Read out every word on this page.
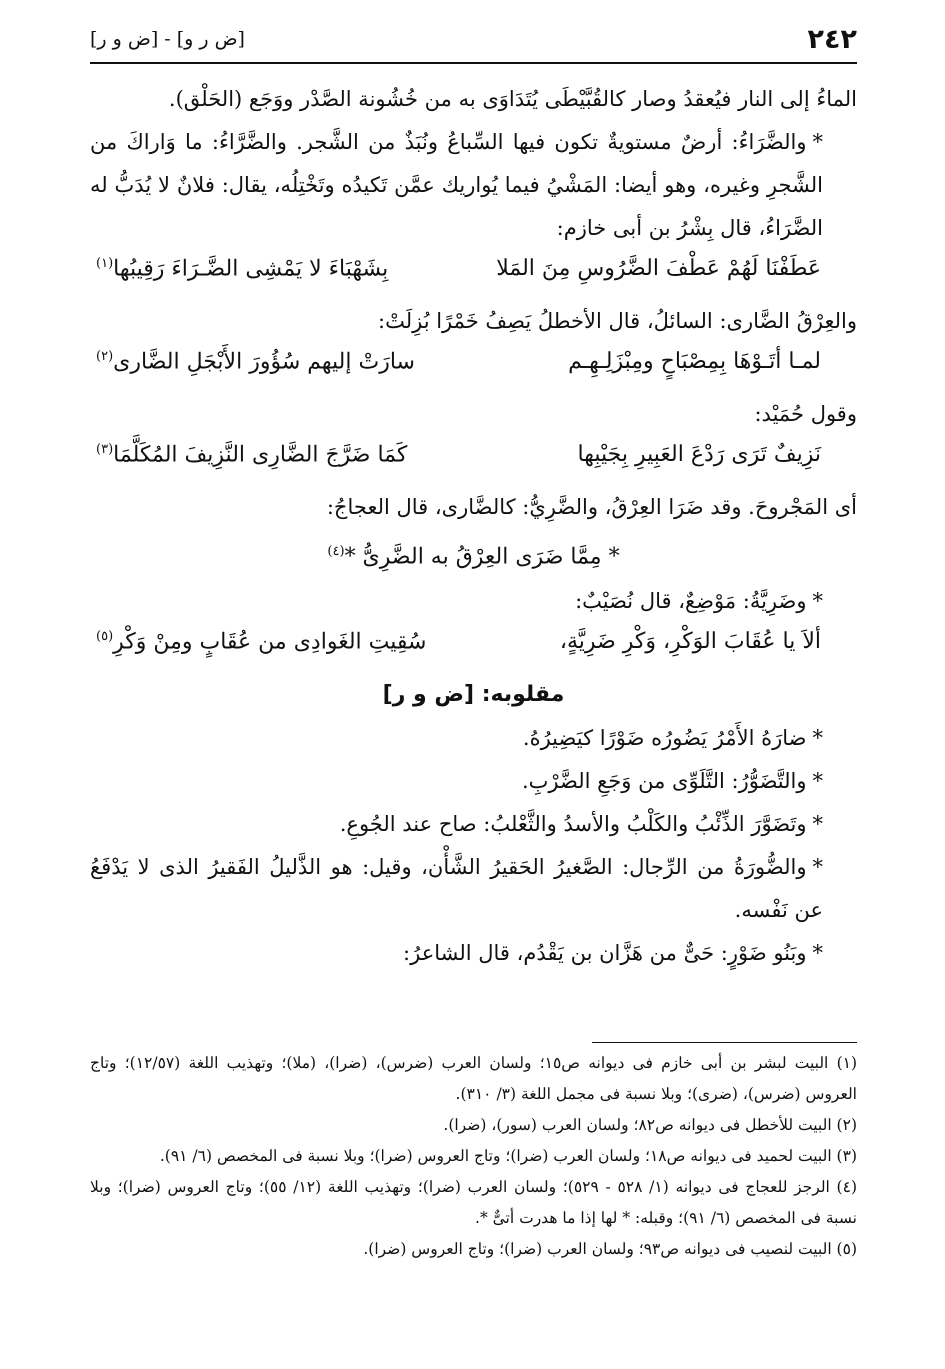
٢٤٢
[ض ر و] - [ض و ر]

الماءُ إلى النار فيُعقدُ وصار كالقُبَّيْطَى يُتَدَاوَى به من خُشُونة الصَّدْر ووَجَع (الحَلْق).

*والضَّرَاءُ: أرضٌ مستويةٌ تكون فيها السِّباعُ ونُبَذٌ من الشَّجر. والضَّرَّاءُ: ما وَاراكَ من الشَّجرِ وغيره، وهو أيضا: المَشْيُ فيما يُواريك عمَّن تَكيدُه وتَخْتِلُه، يقال: فلانٌ لا يُدَبُّ له الضَّرَاءُ، قال بِشْرُ بن أبى خازم:

عَطَفْنَا لَهُمْ عَطْفَ الضَّرُوسِ مِنَ المَلا
بِشَهْبَاءَ لا يَمْشِى الضَّـرَاءَ رَقِيبُها$^{(١)}$

والعِرْقُ الضَّارى: السائلُ، قال الأخطلُ يَصِفُ خَمْرًا بُزِلَتْ:

لمـا أتَـوْهَا بِمِصْبَاحٍ ومِبْزَلِـهِـم
سارَتْ إليهم سُؤُورَ الأَبْجَلِ الضَّارى$^{(٢)}$

وقول حُمَيْد:

نَزِيفٌ تَرَى رَدْعَ العَبِيرِ بِجَيْبِها
كَمَا ضَرَّجَ الضَّارِى النَّزِيفَ المُكَلَّمَا$^{(٣)}$

أى المَجْروحَ. وقد ضَرَا العِرْقُ، والضَّرِيُّ: كالضَّارى، قال العجاجُ:

* مِمَّا ضَرَى العِرْقُ به الضَّرِىُّ *$^{(٤)}$

*وضَرِيَّةُ: مَوْضِعٌ، قال نُصَيْبٌ:

ألاَ يا عُقَابَ الوَكْرِ، وَكْرِ ضَرِيَّةٍ،
سُقِيتِ الغَوادِى من عُقَابٍ ومِنْ وَكْرِ$^{(٥)}$
مقلوبه: [ض و ر]

*ضارَهُ الأَمْرُ يَضُورُه ضَوْرًا كيَضِيرُهُ.

*والتَّضَوُّرُ: التَّلَوِّى من وَجَعِ الضَّرْبِ.

*وتَضَوَّرَ الذِّئْبُ والكَلْبُ والأسدُ والثَّعْلبُ: صاح عند الجُوعِ.

*والضُّورَةُ من الرِّجال: الصَّغيرُ الحَقيرُ الشَّأْن، وقيل: هو الذَّليلُ الفَقيرُ الذى لا يَدْفَعُ عن نَفْسه.

*وبَنُو ضَوْرٍ: حَىٌّ من هَزَّان بن يَقْدُم، قال الشاعرُ:

(١) البيت لبشر بن أبى خازم فى ديوانه ص١٥؛ ولسان العرب (ضرس)، (ضرا)، (ملا)؛ وتهذيب اللغة (١٢/٥٧)؛ وتاج العروس (ضرس)، (ضرى)؛ وبلا نسبة فى مجمل اللغة (٣/ ٣١٠).

(٢) البيت للأخطل فى ديوانه ص٨٢؛ ولسان العرب (سور)، (ضرا).

(٣) البيت لحميد فى ديوانه ص١٨؛ ولسان العرب (ضرا)؛ وتاج العروس (ضرا)؛ وبلا نسبة فى المخصص (٦/ ٩١).

(٤) الرجز للعجاج فى ديوانه (١/ ٥٢٨ - ٥٢٩)؛ ولسان العرب (ضرا)؛ وتهذيب اللغة (١٢/ ٥٥)؛ وتاج العروس (ضرا)؛ وبلا نسبة فى المخصص (٦/ ٩١)؛ وقبله: * لها إذا ما هدرت أتىٌّ *.

(٥) البيت لنصيب فى ديوانه ص٩٣؛ ولسان العرب (ضرا)؛ وتاج العروس (ضرا).
